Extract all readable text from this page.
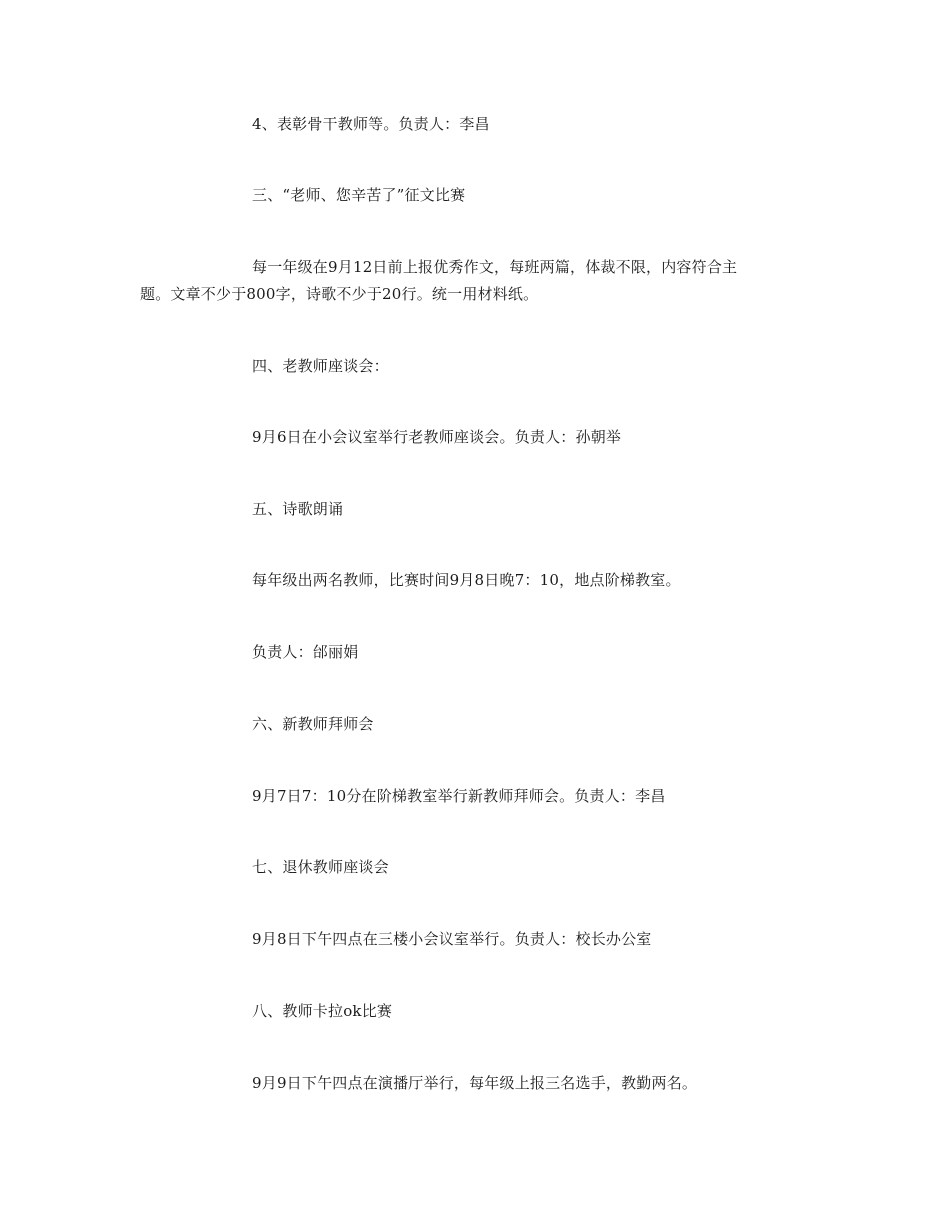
4、表彰骨干教师等。负责人：李昌
三、“老师、您辛苦了”征文比赛
每一年级在9月12日前上报优秀作文，每班两篇，体裁不限，内容符合主
题。文章不少于800字，诗歌不少于20行。统一用材料纸。
四、老教师座谈会：
9月6日在小会议室举行老教师座谈会。负责人：孙朝举
五、诗歌朗诵
每年级出两名教师，比赛时间9月8日晚7：10，地点阶梯教室。
负责人：邰丽娟
六、新教师拜师会
9月7日7：10分在阶梯教室举行新教师拜师会。负责人：李昌
七、退休教师座谈会
9月8日下午四点在三楼小会议室举行。负责人：校长办公室
八、教师卡拉ok比赛
9月9日下午四点在演播厅举行，每年级上报三名选手，教勤两名。
